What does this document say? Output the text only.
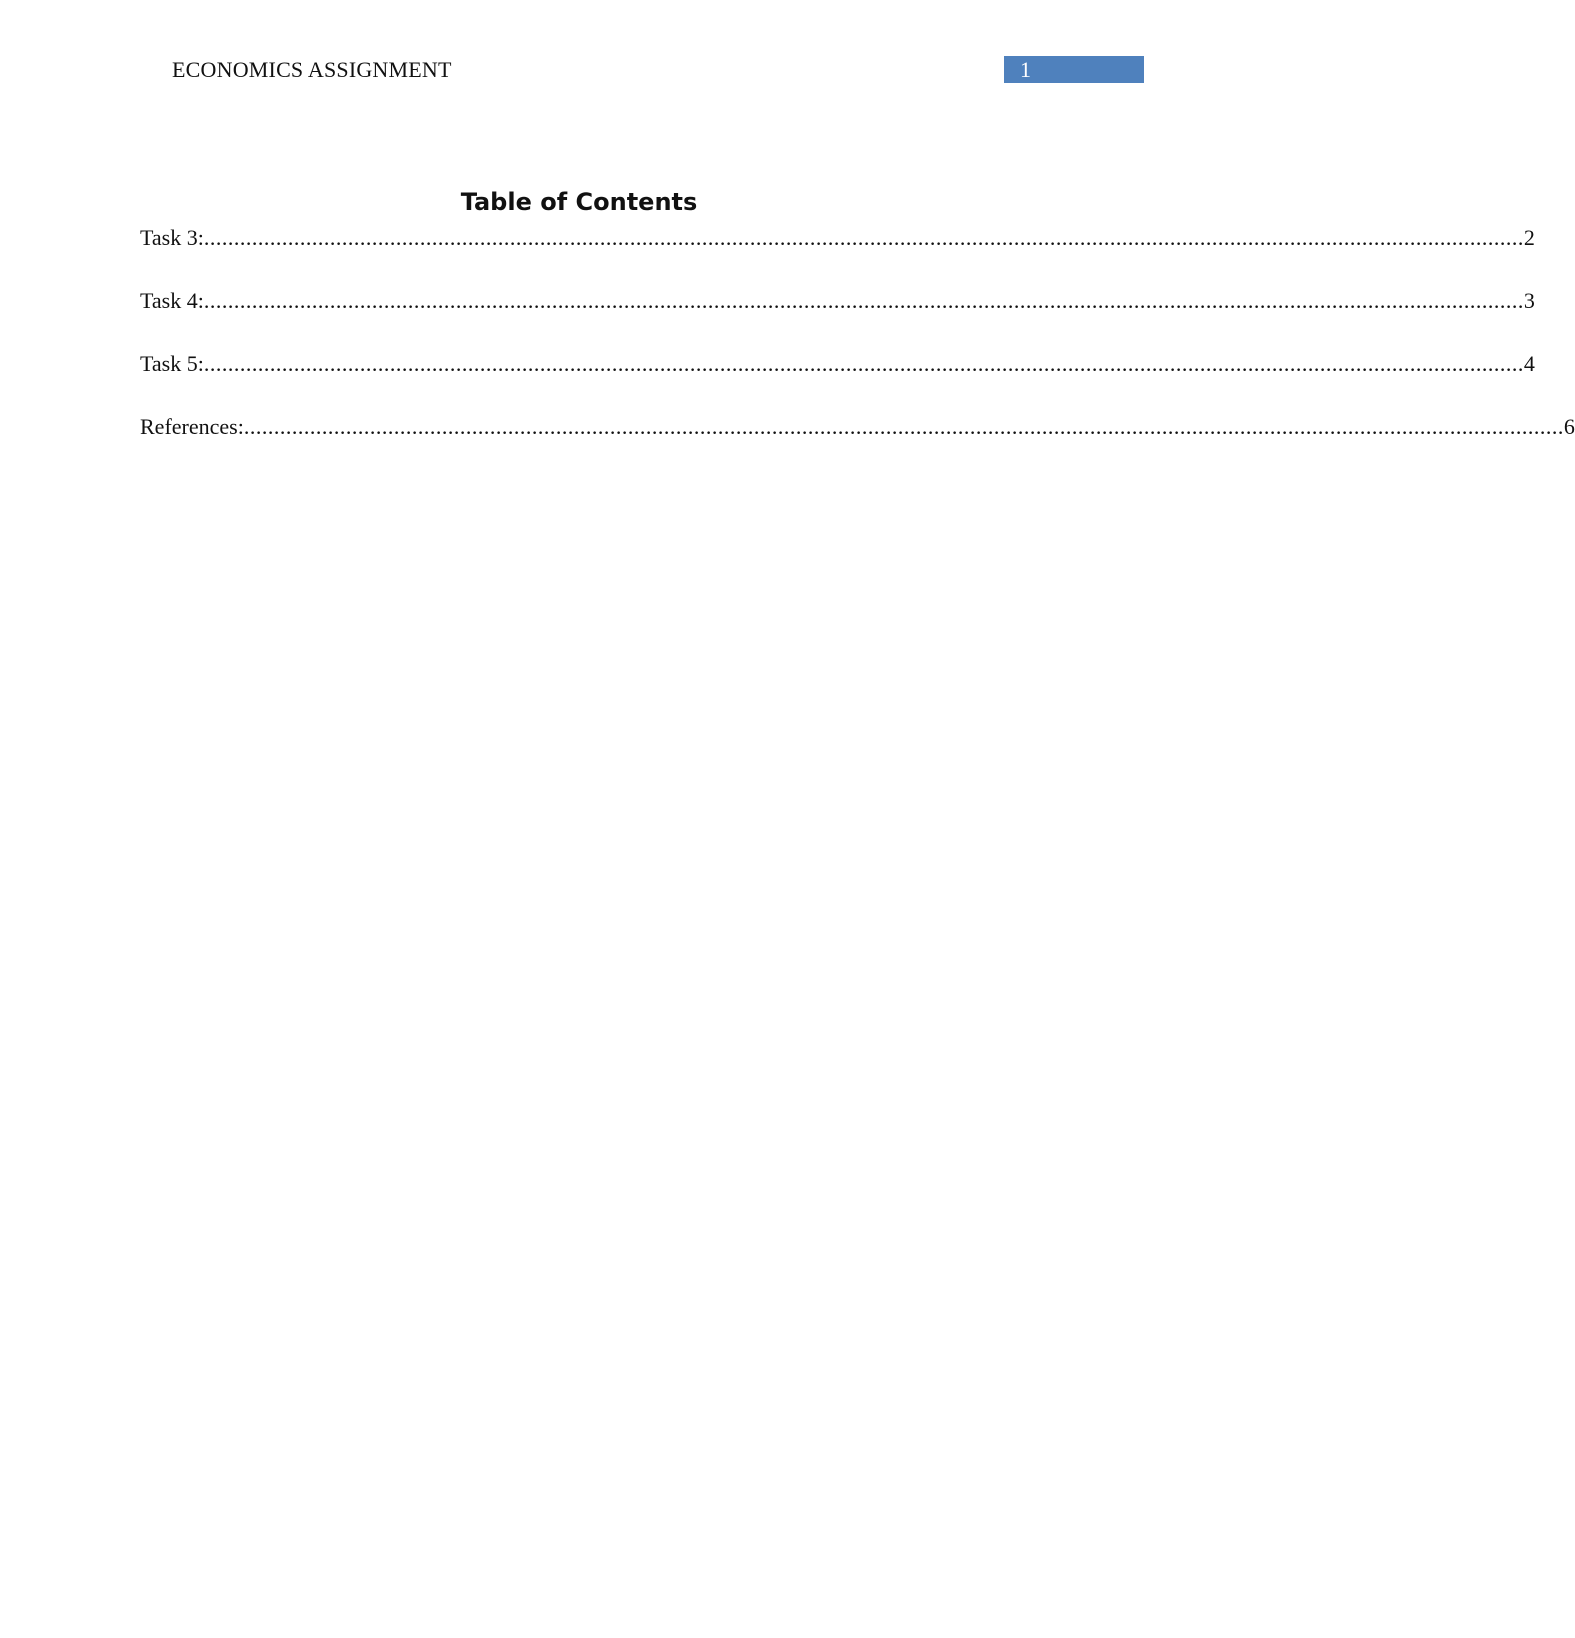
ECONOMICS ASSIGNMENT	1
Table of Contents
Task 3: ............................................................................................................................................................................................................................ 2
Task 4: ............................................................................................................................................................................................................................ 3
Task 5: ............................................................................................................................................................................................................................ 4
References: ............................................................................................................................................................................................................................ 6
